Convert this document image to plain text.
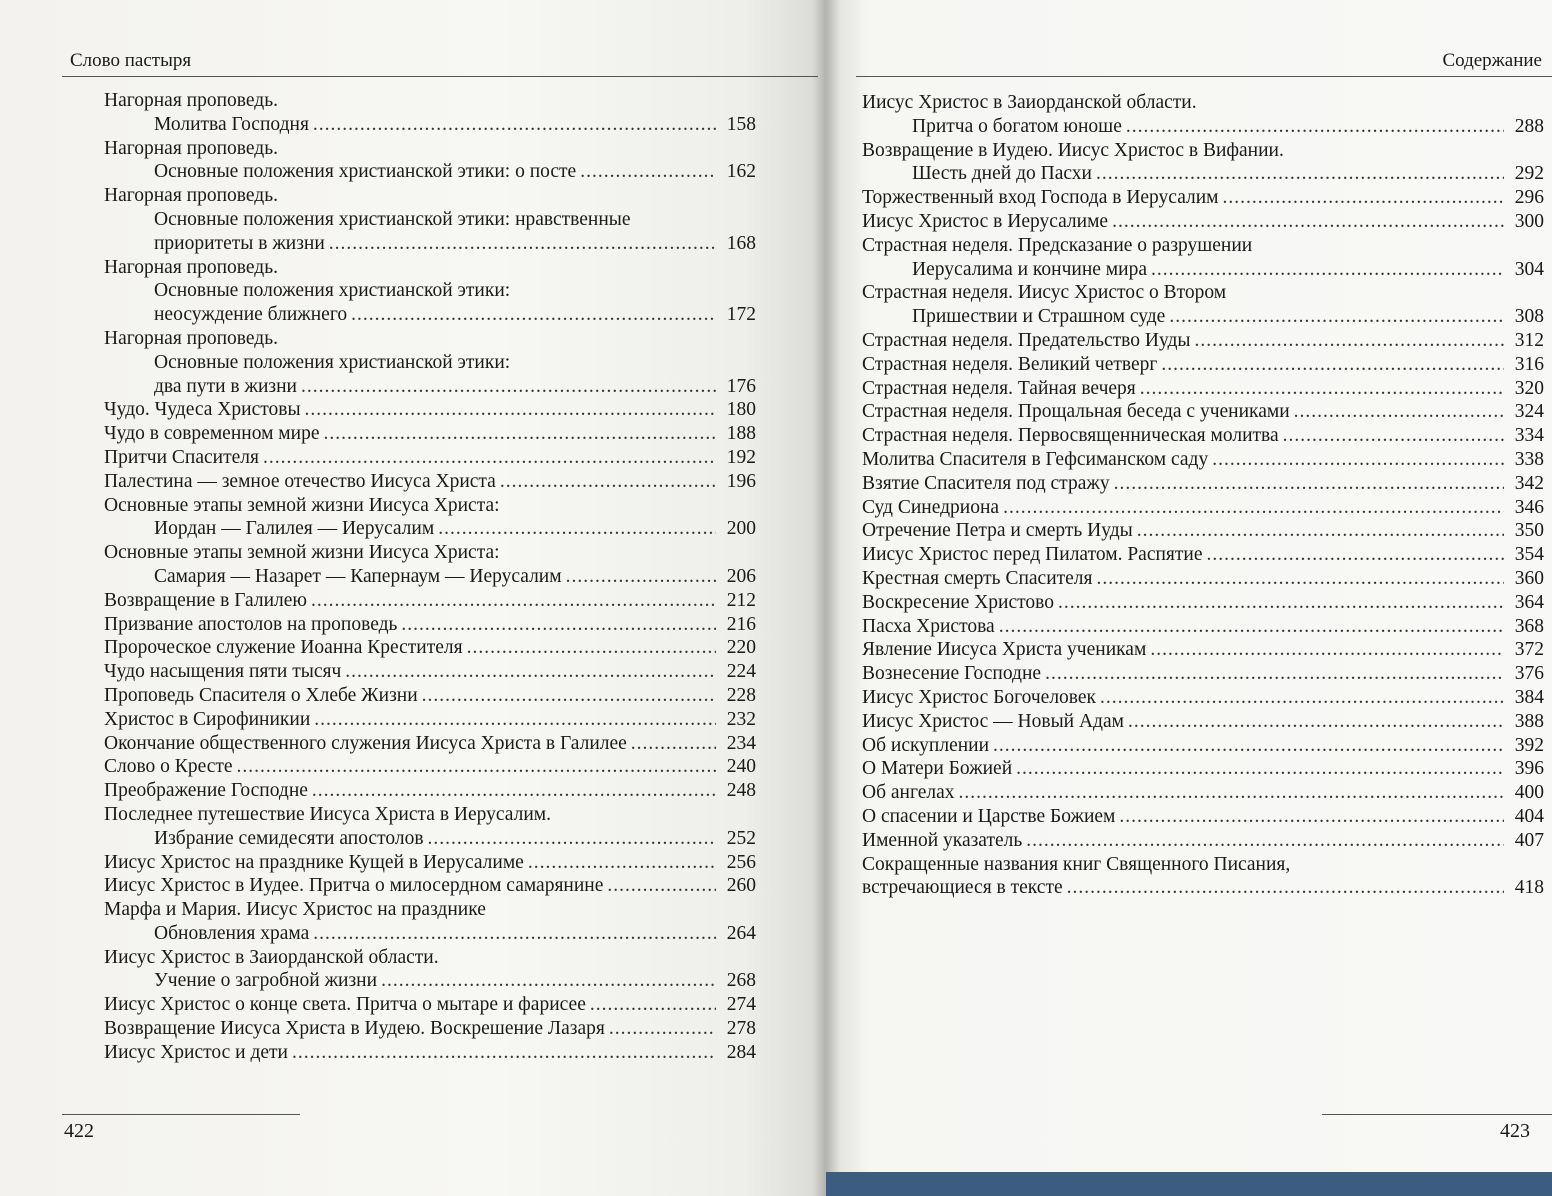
Слово пастыря
Нагорная проповедь.
Молитва Господня .....	158
Нагорная проповедь.
Основные положения христианской этики: о посте .....	162
Нагорная проповедь.
Основные положения христианской этики: нравственные
приоритеты в жизни .....	168
Нагорная проповедь.
Основные положения христианской этики:
неосуждение ближнего .....	172
Нагорная проповедь.
Основные положения христианской этики:
два пути в жизни .....	176
Чудо. Чудеса Христовы .....	180
Чудо в современном мире .....	188
Притчи Спасителя .....	192
Палестина — земное отечество Иисуса Христа .....	196
Основные этапы земной жизни Иисуса Христа:
Иордан — Галилея — Иерусалим .....	200
Основные этапы земной жизни Иисуса Христа:
Самария — Назарет — Капернаум — Иерусалим .....	206
Возвращение в Галилею .....	212
Призвание апостолов на проповедь .....	216
Пророческое служение Иоанна Крестителя .....	220
Чудо насыщения пяти тысяч .....	224
Проповедь Спасителя о Хлебе Жизни .....	228
Христос в Сирофиникии .....	232
Окончание общественного служения Иисуса Христа в Галилее .....	234
Слово о Кресте .....	240
Преображение Господне .....	248
Последнее путешествие Иисуса Христа в Иерусалим.
Избрание семидесяти апостолов .....	252
Иисус Христос на празднике Кущей в Иерусалиме .....	256
Иисус Христос в Иудее. Притча о милосердном самарянине .....	260
Марфа и Мария. Иисус Христос на празднике
Обновления храма .....	264
Иисус Христос в Заиорданской области.
Учение о загробной жизни .....	268
Иисус Христос о конце света. Притча о мытаре и фарисее .....	274
Возвращение Иисуса Христа в Иудею. Воскрешение Лазаря .....	278
Иисус Христос и дети .....	284
422
Содержание
Иисус Христос в Заиорданской области.
Притча о богатом юноше .....	288
Возвращение в Иудею. Иисус Христос в Вифании.
Шесть дней до Пасхи .....	292
Торжественный вход Господа в Иерусалим .....	296
Иисус Христос в Иерусалиме .....	300
Страстная неделя. Предсказание о разрушении
Иерусалима и кончине мира .....	304
Страстная неделя. Иисус Христос о Втором
Пришествии и Страшном суде .....	308
Страстная неделя. Предательство Иуды .....	312
Страстная неделя. Великий четверг .....	316
Страстная неделя. Тайная вечеря .....	320
Страстная неделя. Прощальная беседа с учениками .....	324
Страстная неделя. Первосвященническая молитва .....	334
Молитва Спасителя в Гефсиманском саду .....	338
Взятие Спасителя под стражу .....	342
Суд Синедриона .....	346
Отречение Петра и смерть Иуды .....	350
Иисус Христос перед Пилатом. Распятие .....	354
Крестная смерть Спасителя .....	360
Воскресение Христово .....	364
Пасха Христова .....	368
Явление Иисуса Христа ученикам .....	372
Вознесение Господне .....	376
Иисус Христос Богочеловек .....	384
Иисус Христос — Новый Адам .....	388
Об искуплении .....	392
О Матери Божией .....	396
Об ангелах .....	400
О спасении и Царстве Божием .....	404
Именной указатель .....	407
Сокращенные названия книг Священного Писания,
встречающиеся в тексте .....	418
423
